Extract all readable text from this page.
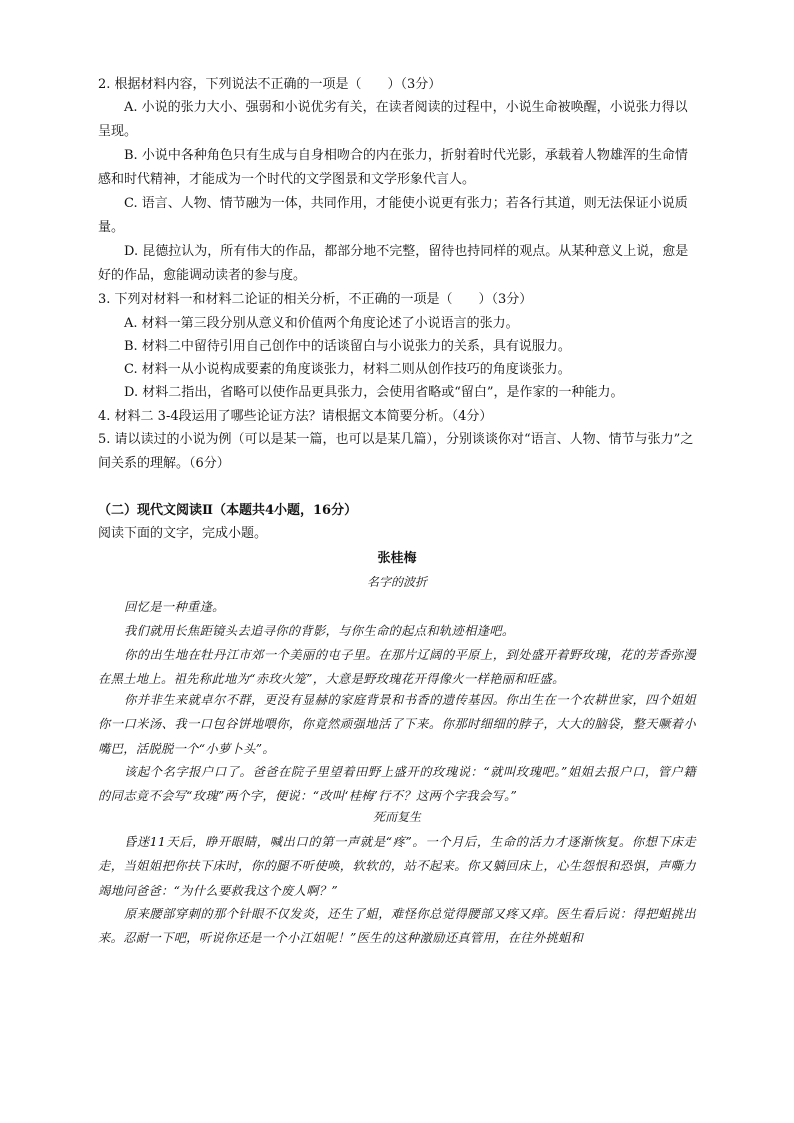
2. 根据材料内容，下列说法不正确的一项是（　　）（3分）
A. 小说的张力大小、强弱和小说优劣有关，在读者阅读的过程中，小说生命被唤醒，小说张力得以呈现。
B. 小说中各种角色只有生成与自身相吻合的内在张力，折射着时代光影，承载着人物雄浑的生命情感和时代精神，才能成为一个时代的文学图景和文学形象代言人。
C. 语言、人物、情节融为一体，共同作用，才能使小说更有张力；若各行其道，则无法保证小说质量。
D. 昆德拉认为，所有伟大的作品，都部分地不完整，留待也持同样的观点。从某种意义上说，愈是好的作品，愈能调动读者的参与度。
3. 下列对材料一和材料二论证的相关分析，不正确的一项是（　　）（3分）
A. 材料一第三段分别从意义和价值两个角度论述了小说语言的张力。
B. 材料二中留待引用自己创作中的话谈留白与小说张力的关系，具有说服力。
C. 材料一从小说构成要素的角度谈张力，材料二则从创作技巧的角度谈张力。
D. 材料二指出，省略可以使作品更具张力，会使用省略或“留白”，是作家的一种能力。
4. 材料二 3-4段运用了哪些论证方法？请根据文本简要分析。（4分）
5. 请以读过的小说为例（可以是某一篇，也可以是某几篇），分别谈谈你对“语言、人物、情节与张力”之间关系的理解。（6分）
（二）现代文阅读Ⅱ（本题共4小题，16分）
阅读下面的文字，完成小题。
张桂梅
名字的波折
回忆是一种重逢。
我们就用长焦距镜头去追寻你的背影，与你生命的起点和轨迹相逢吧。
你的出生地在牡丹江市郊一个美丽的屯子里。在那片辽阔的平原上，到处盛开着野玫瑰，花的芳香弥漫在黑土地上。祖先称此地为“赤玫火笼”，大意是野玫瑰花开得像火一样艳丽和旺盛。
你并非生来就卓尔不群，更没有显赫的家庭背景和书香的遗传基因。你出生在一个农耕世家，四个姐姐你一口米汤、我一口包谷饼地喂你，你竟然顽强地活了下来。你那时细细的脖子，大大的脑袋，整天噘着小嘴巴，活脱脱一个“小萝卜头”。
该起个名字报户口了。爸爸在院子里望着田野上盛开的玫瑰说：“就叫玫瑰吧。”姐姐去报户口，管户籍的同志竟不会写“玫瑰”两个字，便说：“改叫‘桂梅’行不？这两个字我会写。”
死而复生
昏迷11天后，睁开眼睛，喊出口的第一声就是“疼”。一个月后，生命的活力才逐渐恢复。你想下床走走，当姐姐把你扶下床时，你的腿不听使唤，软软的，站不起来。你又躺回床上，心生怨恨和恐惧，声嘶力竭地问爸爸：“为什么要救我这个废人啊？”
原来腰部穿刺的那个针眼不仅发炎，还生了蛆，难怪你总觉得腰部又疼又痒。医生看后说：得把蛆挑出来。忍耐一下吧，听说你还是一个小江姐呢！”医生的这种激励还真管用，在往外挑蛆和
